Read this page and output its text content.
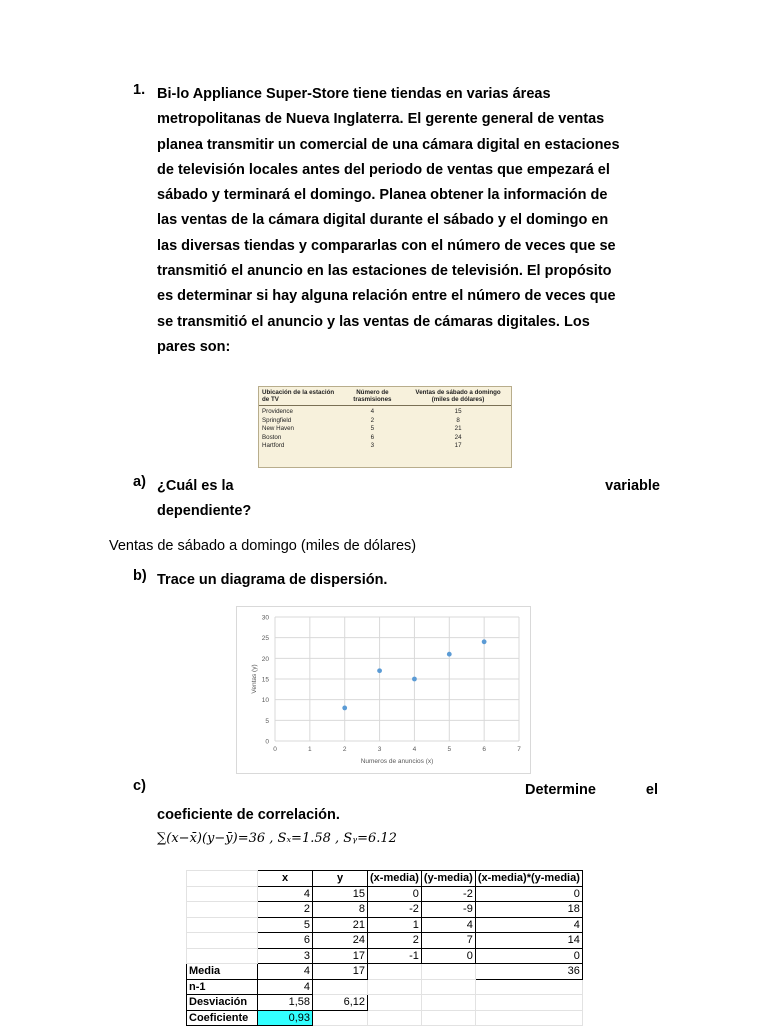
1. Bi-lo Appliance Super-Store tiene tiendas en varias áreas
metropolitanas de Nueva Inglaterra. El gerente general de ventas
planea transmitir un comercial de una cámara digital en estaciones
de televisión locales antes del periodo de ventas que empezará el
sábado y terminará el domingo. Planea obtener la información de
las ventas de la cámara digital durante el sábado y el domingo en
las diversas tiendas y compararlas con el número de veces que se
transmitió el anuncio en las estaciones de televisión. El propósito
es determinar si hay alguna relación entre el número de veces que
se transmitió el anuncio y las ventas de cámaras digitales. Los
pares son:
Ubicación de la estación de TV	Número de trasmisiones	Ventas de sábado a domingo (miles de dólares)
Providence	4	15
Springfield	2	8
New Haven	5	21
Boston	6	24
Hartford	3	17
a) ¿Cuál es la	variable
dependiente?
Ventas de sábado a domingo (miles de dólares)
b) Trace un diagrama de dispersión.
0
5
10
15
20
25
30
0	1	2	3	4	5	6	7
Numeros de anuncios (x)
Ventas (y)
c)	Determine	el
coeficiente de correlación.
∑(x−x̄)(y−ȳ)=36 , Sₓ=1.58 , Sᵧ=6.12
	x	y	(x-media)	(y-media)	(x-media)*(y-media)
	4	15	0	-2	0
	2	8	-2	-9	18
	5	21	1	4	4
	6	24	2	7	14
	3	17	-1	0	0
Media	4	17			36
n-1	4				
Desviación	1,58	6,12			
Coeficiente	0,93				
